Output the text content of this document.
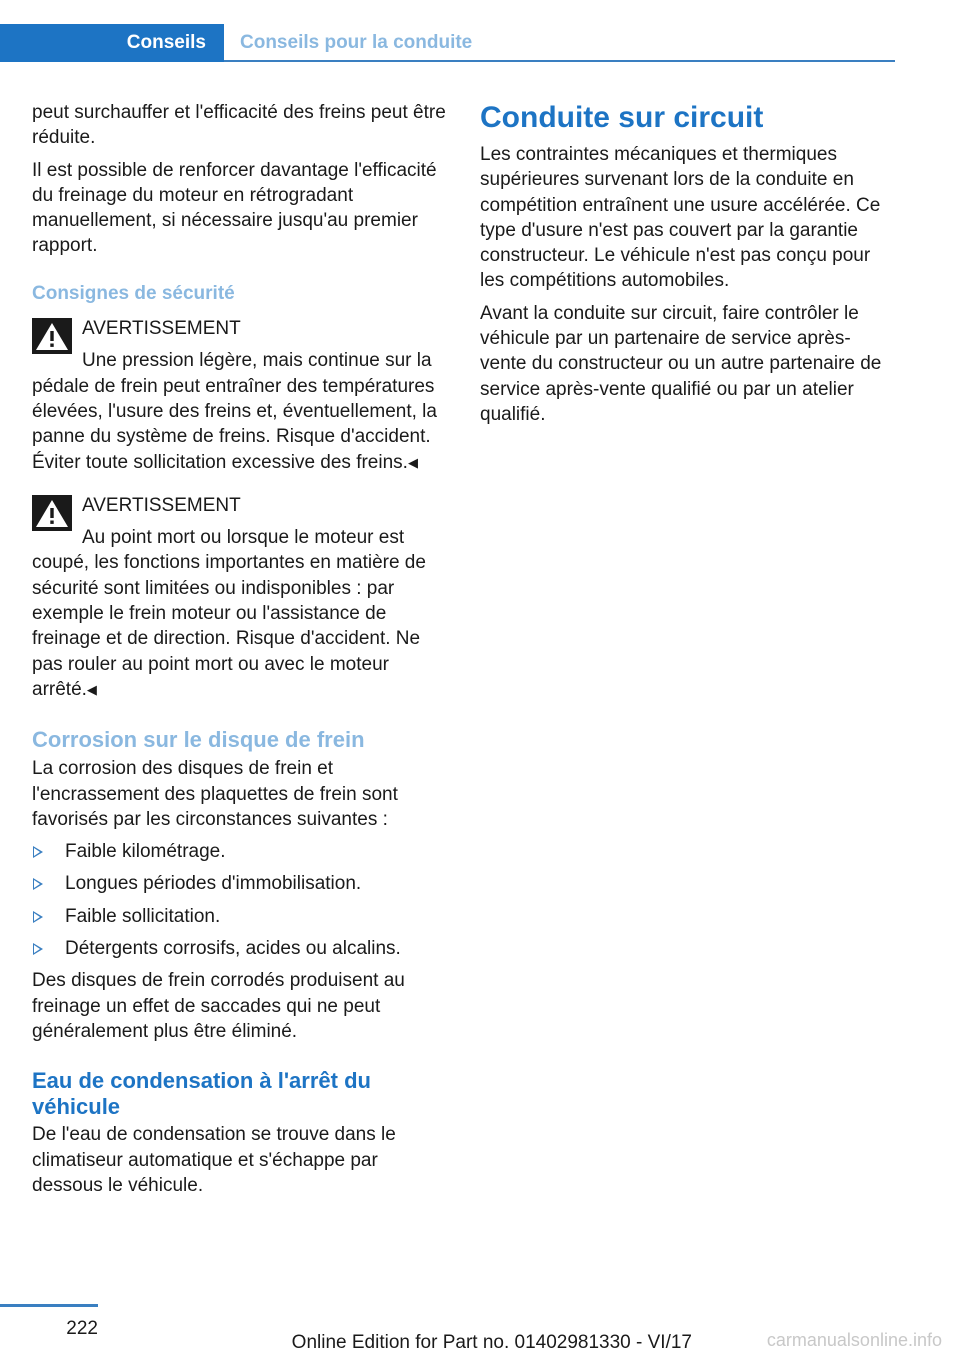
Conseils Conseils pour la conduite

peut surchauffer et l'efficacité des freins peut être réduite.

Il est possible de renforcer davantage l'efficacité du freinage du moteur en rétrogradant manuellement, si nécessaire jusqu'au premier rapport.

Consignes de sécurité
AVERTISSEMENT
Une pression légère, mais continue sur la pédale de frein peut entraîner des températures élevées, l'usure des freins et, éventuellement, la panne du système de freins. Risque d'accident. Éviter toute sollicitation excessive des freins.◀
AVERTISSEMENT
Au point mort ou lorsque le moteur est coupé, les fonctions importantes en matière de sécurité sont limitées ou indisponibles : par exemple le frein moteur ou l'assistance de freinage et de direction. Risque d'accident. Ne pas rouler au point mort ou avec le moteur arrêté.◀
Corrosion sur le disque de frein

La corrosion des disques de frein et l'encrassement des plaquettes de frein sont favorisés par les circonstances suivantes :

Faible kilométrage.
Longues périodes d'immobilisation.
Faible sollicitation.
Détergents corrosifs, acides ou alcalins.

Des disques de frein corrodés produisent au freinage un effet de saccades qui ne peut généralement plus être éliminé.

Eau de condensation à l'arrêt du véhicule

De l'eau de condensation se trouve dans le climatiseur automatique et s'échappe par dessous le véhicule.

Conduite sur circuit

Les contraintes mécaniques et thermiques supérieures survenant lors de la conduite en compétition entraînent une usure accélérée. Ce type d'usure n'est pas couvert par la garantie constructeur. Le véhicule n'est pas conçu pour les compétitions automobiles.

Avant la conduite sur circuit, faire contrôler le véhicule par un partenaire de service après-vente du constructeur ou un autre partenaire de service après-vente qualifié ou par un atelier qualifié.

222
Online Edition for Part no. 01402981330 - VI/17	carmanualsonline.info
